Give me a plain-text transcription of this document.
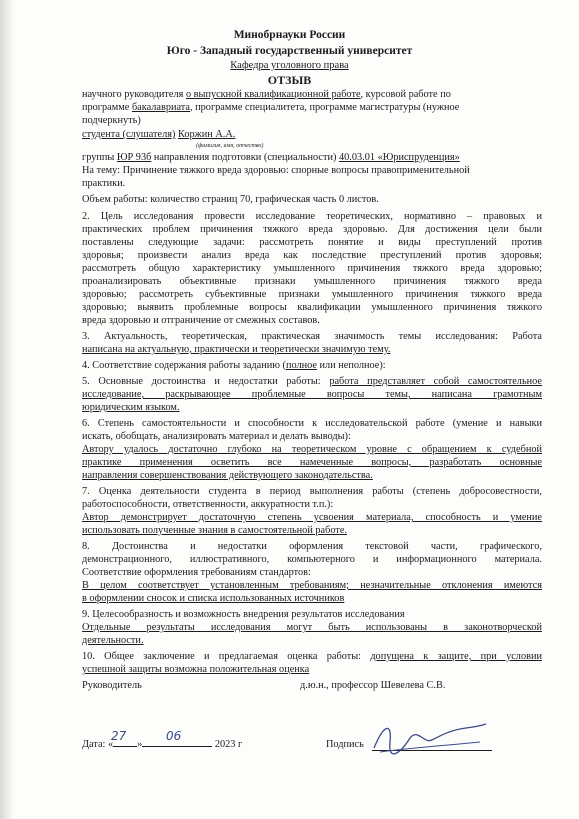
Минобрнауки России
Юго - Западный государственный университет
Кафедра уголовного права
ОТЗЫВ
научного руководителя о выпускной квалификационной работе, курсовой работе по
программе бакалавриата, программе специалитета, программе магистратуры (нужное
подчеркнуть)
студента (слушателя) Коржин А.А.
(фамилия, имя, отчество)
группы ЮР 93б направления подготовки (специальности) 40.03.01 «Юриспруденция»
На тему: Причинение тяжкого вреда здоровью: спорные вопросы правоприменительной
практики.
Объем работы: количество страниц 70, графическая часть 0 листов.
2. Цель исследования провести исследование теоретических, нормативно – правовых и
практических проблем причинения тяжкого вреда здоровью. Для достижения цели были
поставлены следующие задачи: рассмотреть понятие и виды преступлений против
здоровья; произвести анализ вреда как последствие преступлений против здоровья;
рассмотреть общую характеристику умышленного причинения тяжкого вреда здоровью;
проанализировать объективные признаки умышленного причинения тяжкого вреда
здоровью; рассмотреть субъективные признаки умышленного причинения тяжкого вреда
здоровью; выявить проблемные вопросы квалификации умышленного причинения тяжкого
вреда здоровью и отграничение от смежных составов.
3. Актуальность, теоретическая, практическая значимость темы исследования: Работа
написана на актуальную, практически и теоретически значимую тему.
4. Соответствие содержания работы заданию (полное или неполное):
5. Основные достоинства и недостатки работы: работа представляет собой самостоятельное
исследование, раскрывающее проблемные вопросы темы, написана грамотным
юридическим языком.
6. Степень самостоятельности и способности к исследовательской работе (умение и навыки
искать, обобщать, анализировать материал и делать выводы):
Автору удалось достаточно глубоко на теоретическом уровне с обращением к судебной
практике применения осветить все намеченные вопросы, разработать основные
направления совершенствования действующего законодательства.
7. Оценка деятельности студента в период выполнения работы (степень добросовестности,
работоспособности, ответственности, аккуратности т.п.):
Автор демонстрирует достаточную степень усвоения материала, способность и умение
использовать полученные знания в самостоятельной работе.
8. Достоинства и недостатки оформления текстовой части, графического,
демонстрационного, иллюстративного, компьютерного и информационного материала.
Соответствие оформления требованиям стандартов:
В целом соответствует установленным требованиям; незначительные отклонения имеются
в оформлении сносок и списка использованных источников
9. Целесообразность и возможность внедрения результатов исследования
Отдельные результаты исследования могут быть использованы в законотворческой
деятельности.
10. Общее заключение и предлагаемая оценка работы: допущена к защите, при условии
успешной защиты возможна положительная оценка
Руководитель	д.ю.н., профессор Шевелева С.В.
Дата: « »	2023 г
27	06
Подпись
